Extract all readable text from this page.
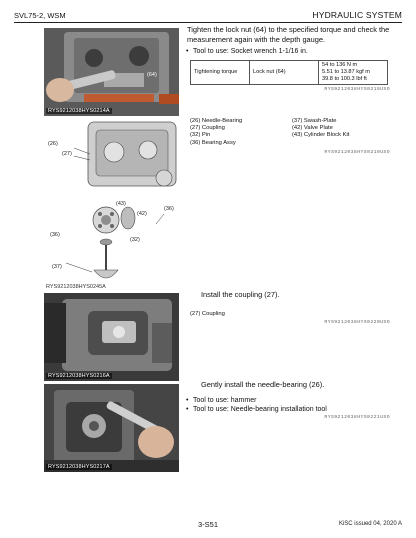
SVL75-2, WSM	HYDRAULIC SYSTEM
RYS9212038HYS0214A
(64)
Tighten the lock nut (64) to the specified torque and check the measurement again with the depth gauge.
• Tool to use: Socket wrench 1-1/16 in.
Tightening torque	Lock nut (64)	
54 to 136 N m
5.51 to 13.87 kgf m
39.8 to 100.3 lbf ft
RYS9212038HYS0219USO
(26)
(27)
(43)
(42)
(36)
(36)
(32)
(37)
RYS9212038HYS0245A
(26) Needle-Bearing
(27) Coupling
(32) Pin
(36) Bearing Assy
(37) Swash-Plate
(42) Valve Plate
(43) Cylinder Block Kit
RYS9212038HYS0219USO
RYS9212038HYS0216A
Install the coupling (27).
(27) Coupling
RYS9212038HYS0220USO
RYS9212038HYS0217A
Gently install the needle-bearing (26).
• Tool to use: hammer
• Tool to use: Needle-bearing installation tool
RYS9212038HYS0221USO
3-S51	KiSC issued 04, 2020 A
